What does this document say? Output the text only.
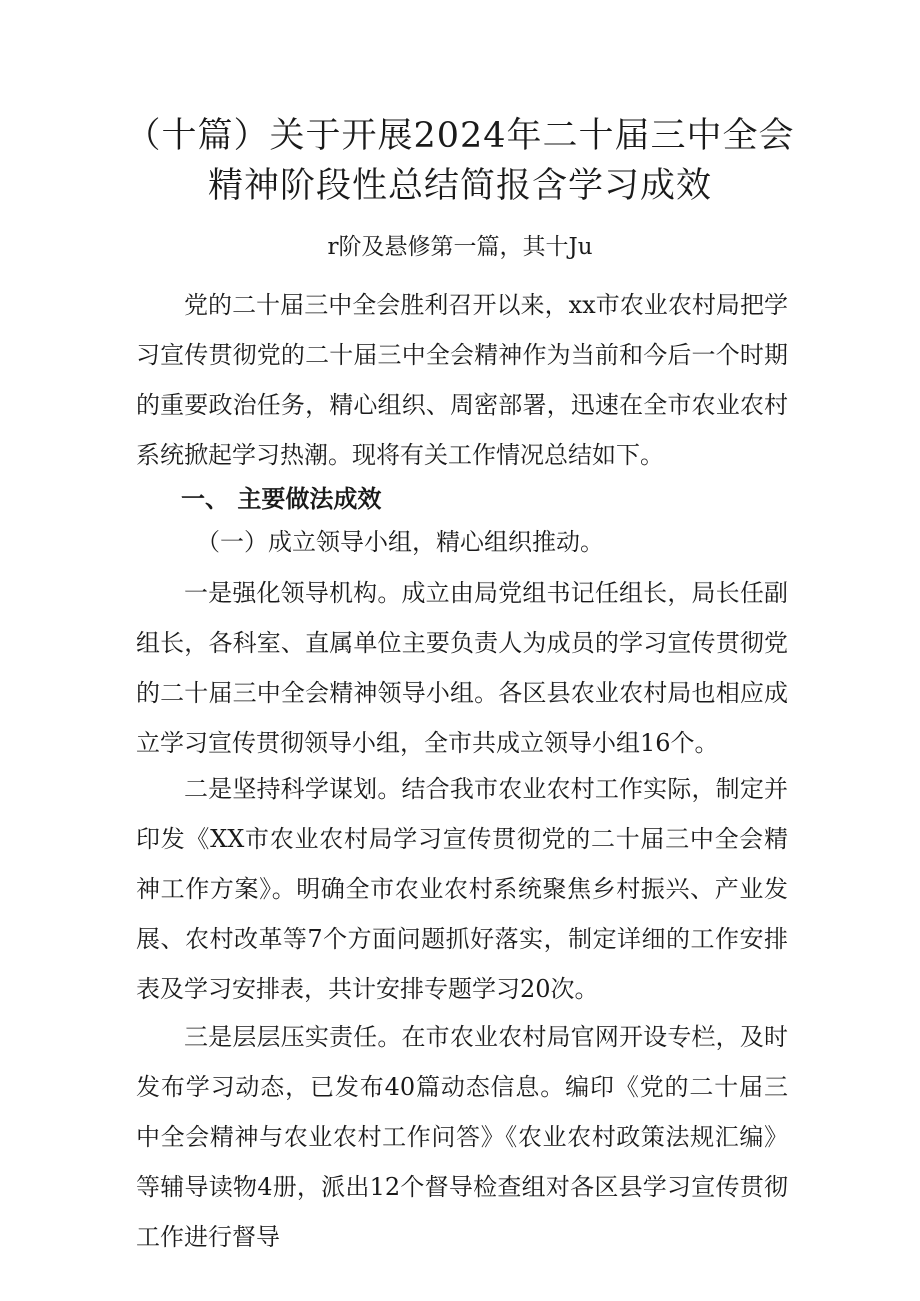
（十篇）关于开展2024年二十届三中全会
精神阶段性总结简报含学习成效
r阶及悬修第一篇，其十Ju
党的二十届三中全会胜利召开以来，xx市农业农村局把学习宣传贯彻党的二十届三中全会精神作为当前和今后一个时期的重要政治任务，精心组织、周密部署，迅速在全市农业农村系统掀起学习热潮。现将有关工作情况总结如下。
一、 主要做法成效
（一）成立领导小组，精心组织推动。
一是强化领导机构。成立由局党组书记任组长，局长任副组长，各科室、直属单位主要负责人为成员的学习宣传贯彻党的二十届三中全会精神领导小组。各区县农业农村局也相应成立学习宣传贯彻领导小组，全市共成立领导小组16个。
二是坚持科学谋划。结合我市农业农村工作实际，制定并印发《XX市农业农村局学习宣传贯彻党的二十届三中全会精神工作方案》。明确全市农业农村系统聚焦乡村振兴、产业发展、农村改革等7个方面问题抓好落实，制定详细的工作安排表及学习安排表，共计安排专题学习20次。
三是层层压实责任。在市农业农村局官网开设专栏，及时发布学习动态，已发布40篇动态信息。编印《党的二十届三中全会精神与农业农村工作问答》《农业农村政策法规汇编》等辅导读物4册，派出12个督导检查组对各区县学习宣传贯彻工作进行督导
